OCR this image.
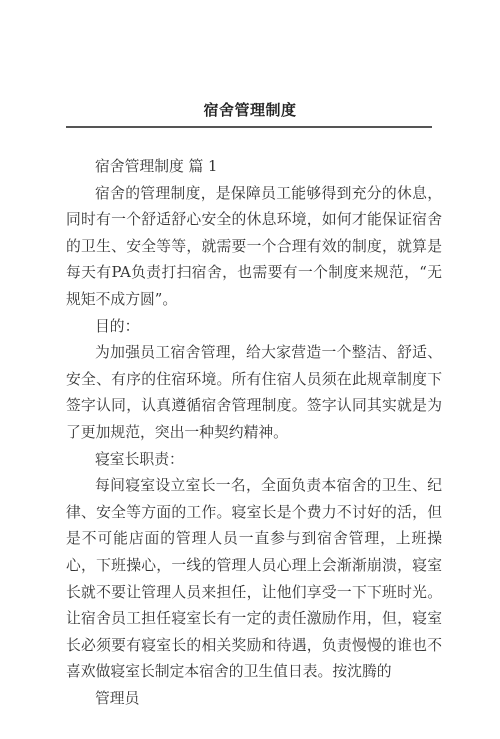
宿舍管理制度

宿舍管理制度 篇 1

宿舍的管理制度，是保障员工能够得到充分的休息，同时有一个舒适舒心安全的休息环境，如何才能保证宿舍的卫生、安全等等，就需要一个合理有效的制度，就算是每天有PA负责打扫宿舍，也需要有一个制度来规范，“无规矩不成方圆”。

目的：

为加强员工宿舍管理，给大家营造一个整洁、舒适、安全、有序的住宿环境。所有住宿人员须在此规章制度下签字认同，认真遵循宿舍管理制度。签字认同其实就是为了更加规范，突出一种契约精神。

寝室长职责：

每间寝室设立室长一名，全面负责本宿舍的卫生、纪律、安全等方面的工作。寝室长是个费力不讨好的活，但是不可能店面的管理人员一直参与到宿舍管理，上班操心，下班操心，一线的管理人员心理上会渐渐崩溃，寝室长就不要让管理人员来担任，让他们享受一下下班时光。让宿舍员工担任寝室长有一定的责任激励作用，但，寝室长必须要有寝室长的相关奖励和待遇，负责慢慢的谁也不喜欢做寝室长制定本宿舍的卫生值日表。按沈腾的

管理员
